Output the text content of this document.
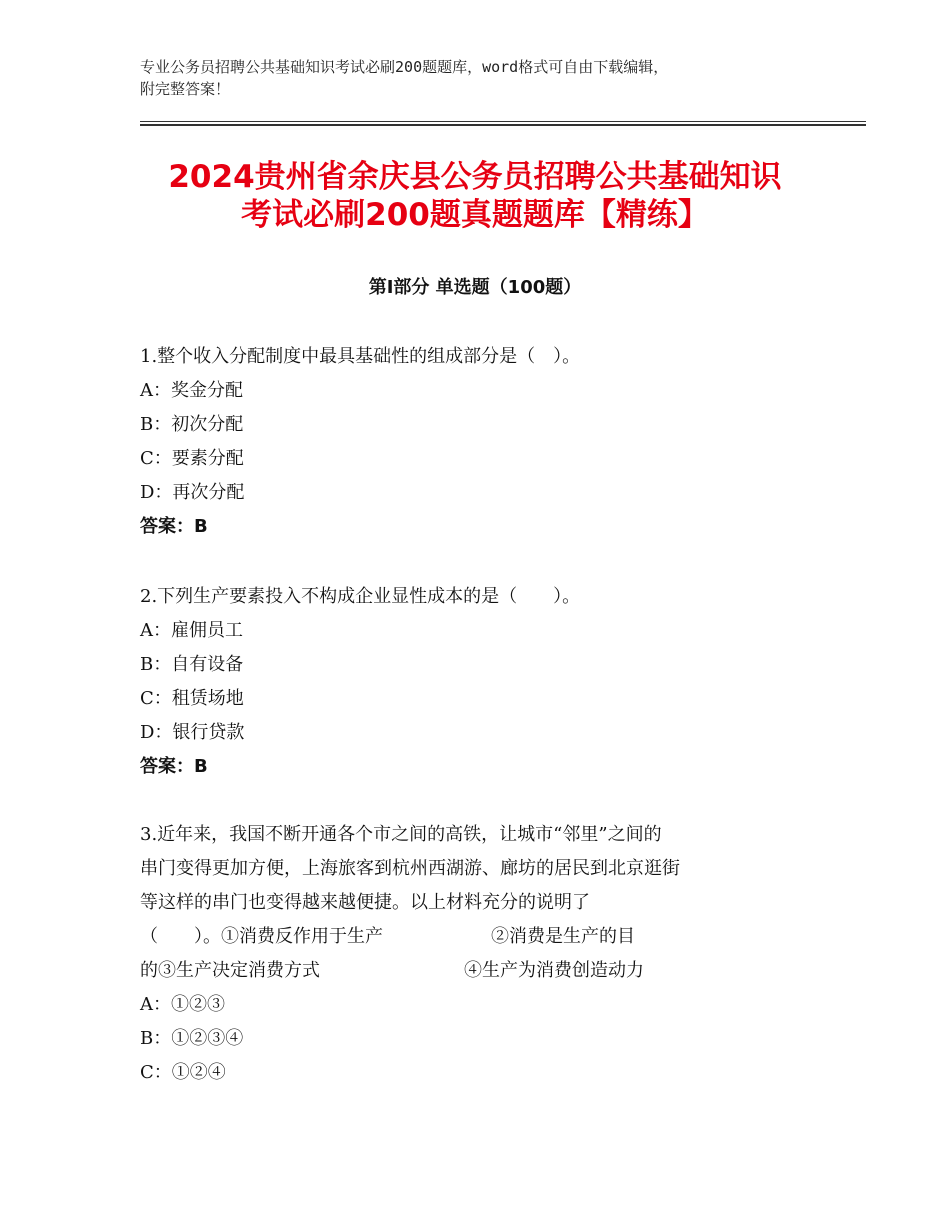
专业公务员招聘公共基础知识考试必刷200题题库，word格式可自由下载编辑，
附完整答案！
2024贵州省余庆县公务员招聘公共基础知识
考试必刷200题真题题库【精练】
第Ⅰ部分 单选题（100题）
1.整个收入分配制度中最具基础性的组成部分是（　）。
A：奖金分配
B：初次分配
C：要素分配
D：再次分配
答案：B
2.下列生产要素投入不构成企业显性成本的是（　　）。
A：雇佣员工
B：自有设备
C：租赁场地
D：银行贷款
答案：B
3.近年来，我国不断开通各个市之间的高铁，让城市“邻里”之间的
串门变得更加方便，上海旅客到杭州西湖游、廊坊的居民到北京逛街
等这样的串门也变得越来越便捷。以上材料充分的说明了
（　　）。①消费反作用于生产　　　　　　②消费是生产的目
的③生产决定消费方式　　　　　　　　④生产为消费创造动力
A：①②③
B：①②③④
C：①②④
